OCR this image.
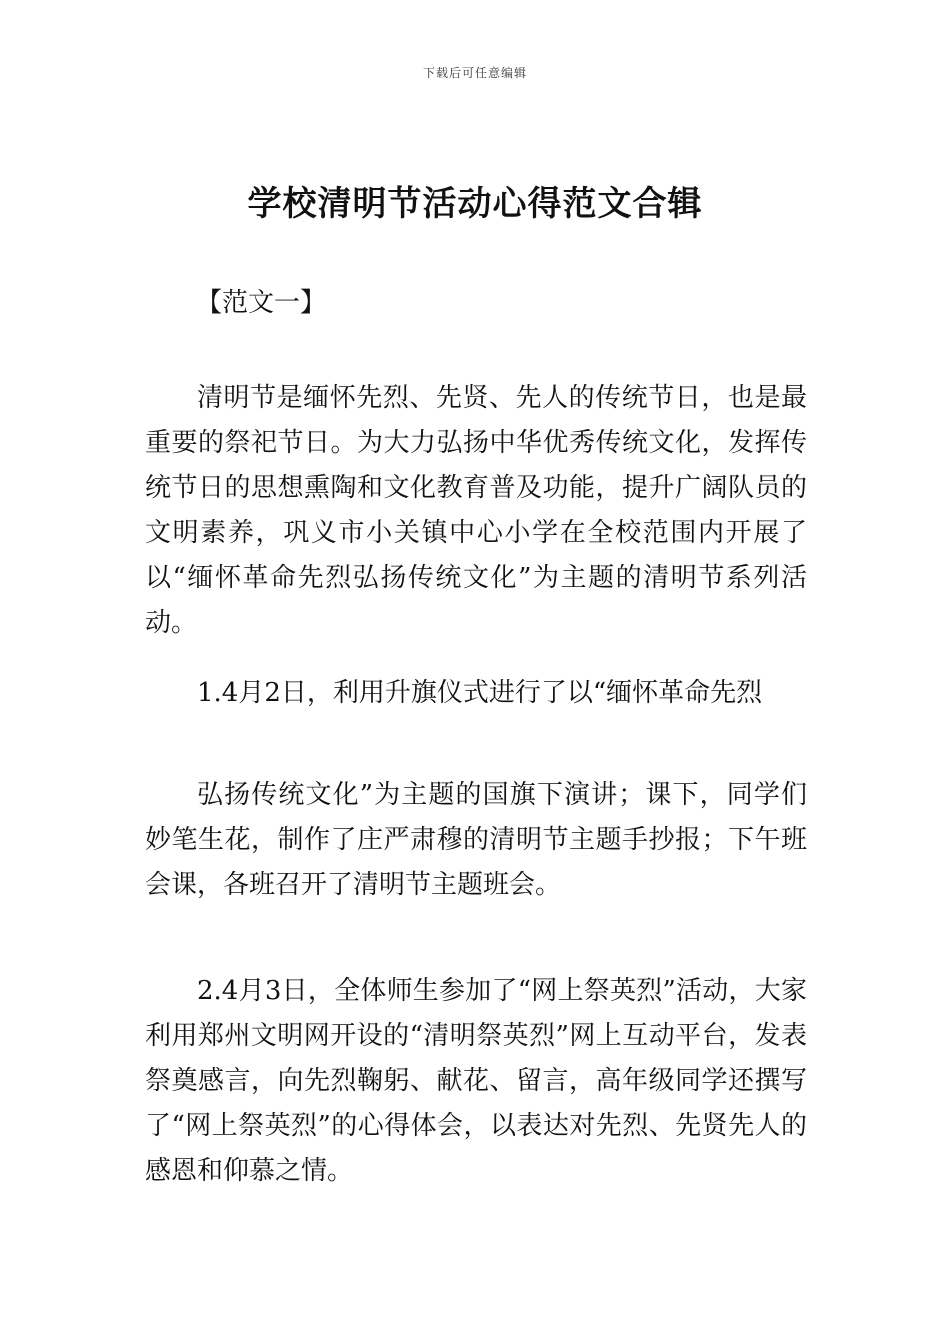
下载后可任意编辑
学校清明节活动心得范文合辑

【范文一】

清明节是缅怀先烈、先贤、先人的传统节日，也是最重要的祭祀节日。为大力弘扬中华优秀传统文化，发挥传统节日的思想熏陶和文化教育普及功能，提升广阔队员的文明素养，巩义市小关镇中心小学在全校范围内开展了以“缅怀革命先烈弘扬传统文化”为主题的清明节系列活动。

1.4月2日，利用升旗仪式进行了以“缅怀革命先烈

弘扬传统文化”为主题的国旗下演讲；课下，同学们妙笔生花，制作了庄严肃穆的清明节主题手抄报；下午班会课，各班召开了清明节主题班会。

2.4月3日，全体师生参加了“网上祭英烈”活动，大家利用郑州文明网开设的“清明祭英烈”网上互动平台，发表祭奠感言，向先烈鞠躬、献花、留言，高年级同学还撰写了“网上祭英烈”的心得体会，以表达对先烈、先贤先人的感恩和仰慕之情。
